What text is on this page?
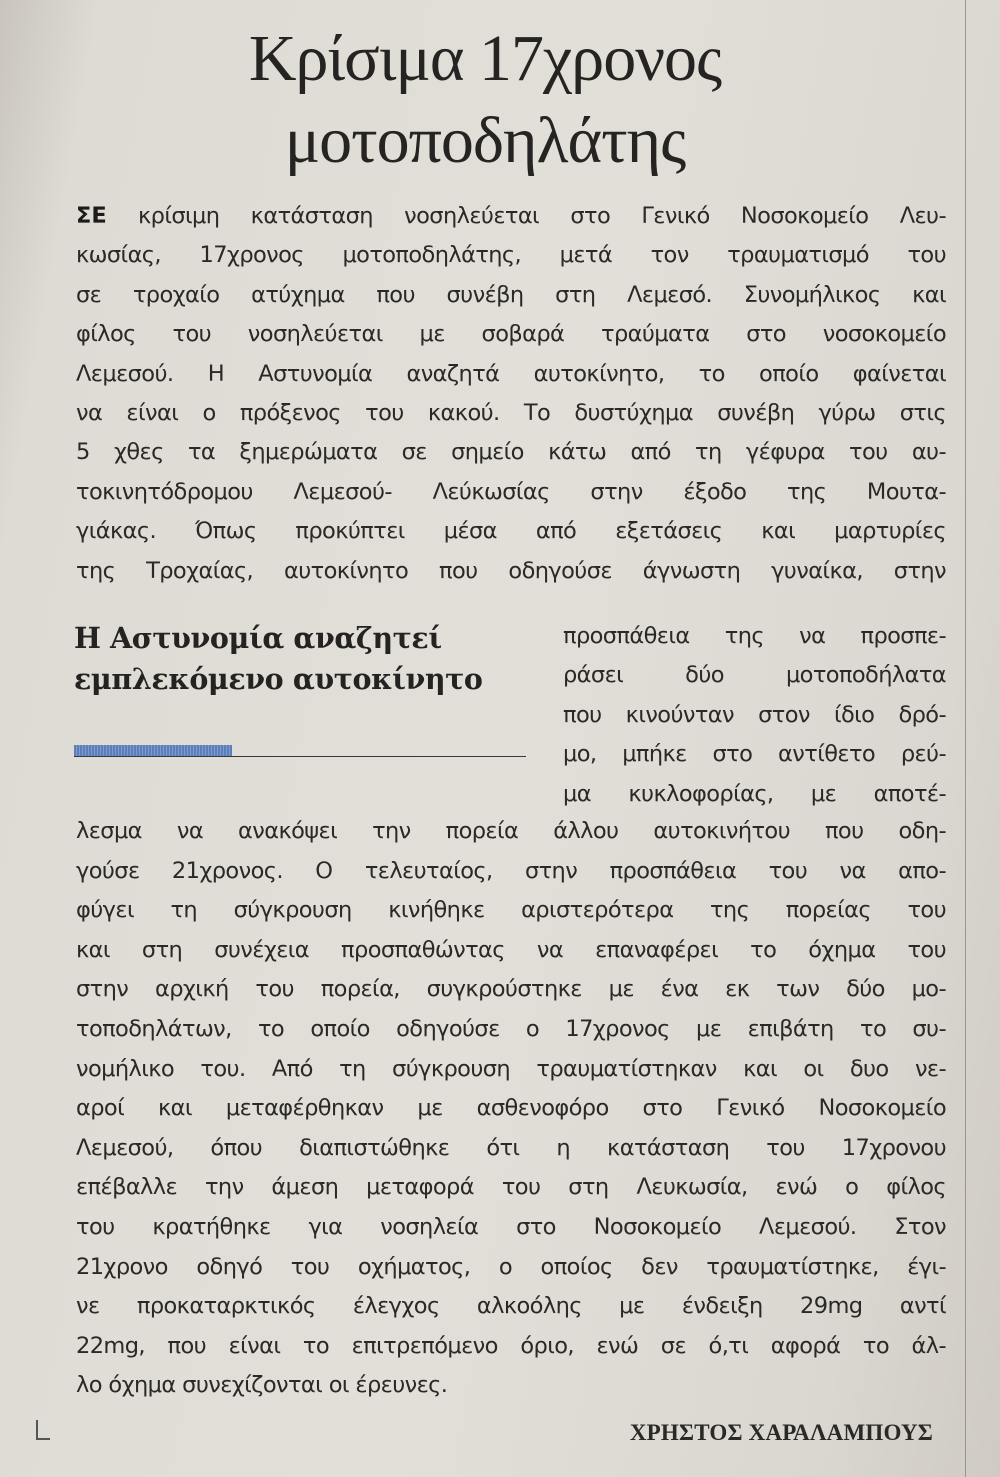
Κρίσιμα 17χρονος
μοτοποδηλάτης
ΣΕ κρίσιμη κατάσταση νοσηλεύεται στο Γενικό Νοσοκομείο Λευ-
κωσίας, 17χρονος μοτοποδηλάτης, μετά τον τραυματισμό του
σε τροχαίο ατύχημα που συνέβη στη Λεμεσό. Συνομήλικος και
φίλος του νοσηλεύεται με σοβαρά τραύματα στο νοσοκομείο
Λεμεσού. Η Αστυνομία αναζητά αυτοκίνητο, το οποίο φαίνεται
να είναι ο πρόξενος του κακού. Το δυστύχημα συνέβη γύρω στις
5 χθες τα ξημερώματα σε σημείο κάτω από τη γέφυρα του αυ-
τοκινητόδρομου Λεμεσού- Λεύκωσίας στην έξοδο της Μουτα-
γιάκας. Όπως προκύπτει μέσα από εξετάσεις και μαρτυρίες
της Τροχαίας, αυτοκίνητο που οδηγούσε άγνωστη γυναίκα, στην
Η Αστυνομία αναζητεί
εμπλεκόμενο αυτοκίνητο
προσπάθεια της να προσπε-
ράσει δύο μοτοποδήλατα
που κινούνταν στον ίδιο δρό-
μο, μπήκε στο αντίθετο ρεύ-
μα κυκλοφορίας, με αποτέ-
λεσμα να ανακόψει την πορεία άλλου αυτοκινήτου που οδη-
γούσε 21χρονος. Ο τελευταίος, στην προσπάθεια του να απο-
φύγει τη σύγκρουση κινήθηκε αριστερότερα της πορείας του
και στη συνέχεια προσπαθώντας να επαναφέρει το όχημα του
στην αρχική του πορεία, συγκρούστηκε με ένα εκ των δύο μο-
τοποδηλάτων, το οποίο οδηγούσε ο 17χρονος με επιβάτη το συ-
νομήλικο του. Από τη σύγκρουση τραυματίστηκαν και οι δυο νε-
αροί και μεταφέρθηκαν με ασθενοφόρο στο Γενικό Νοσοκομείο
Λεμεσού, όπου διαπιστώθηκε ότι η κατάσταση του 17χρονου
επέβαλλε την άμεση μεταφορά του στη Λευκωσία, ενώ ο φίλος
του κρατήθηκε για νοσηλεία στο Νοσοκομείο Λεμεσού. Στον
21χρονο οδηγό του οχήματος, ο οποίος δεν τραυματίστηκε, έγι-
νε προκαταρκτικός έλεγχος αλκοόλης με ένδειξη 29mg αντί
22mg, που είναι το επιτρεπόμενο όριο, ενώ σε ό,τι αφορά το άλ-
λο όχημα συνεχίζονται οι έρευνες.

ΧΡΗΣΤΟΣ ΧΑΡΑΛΑΜΠΟΥΣ
